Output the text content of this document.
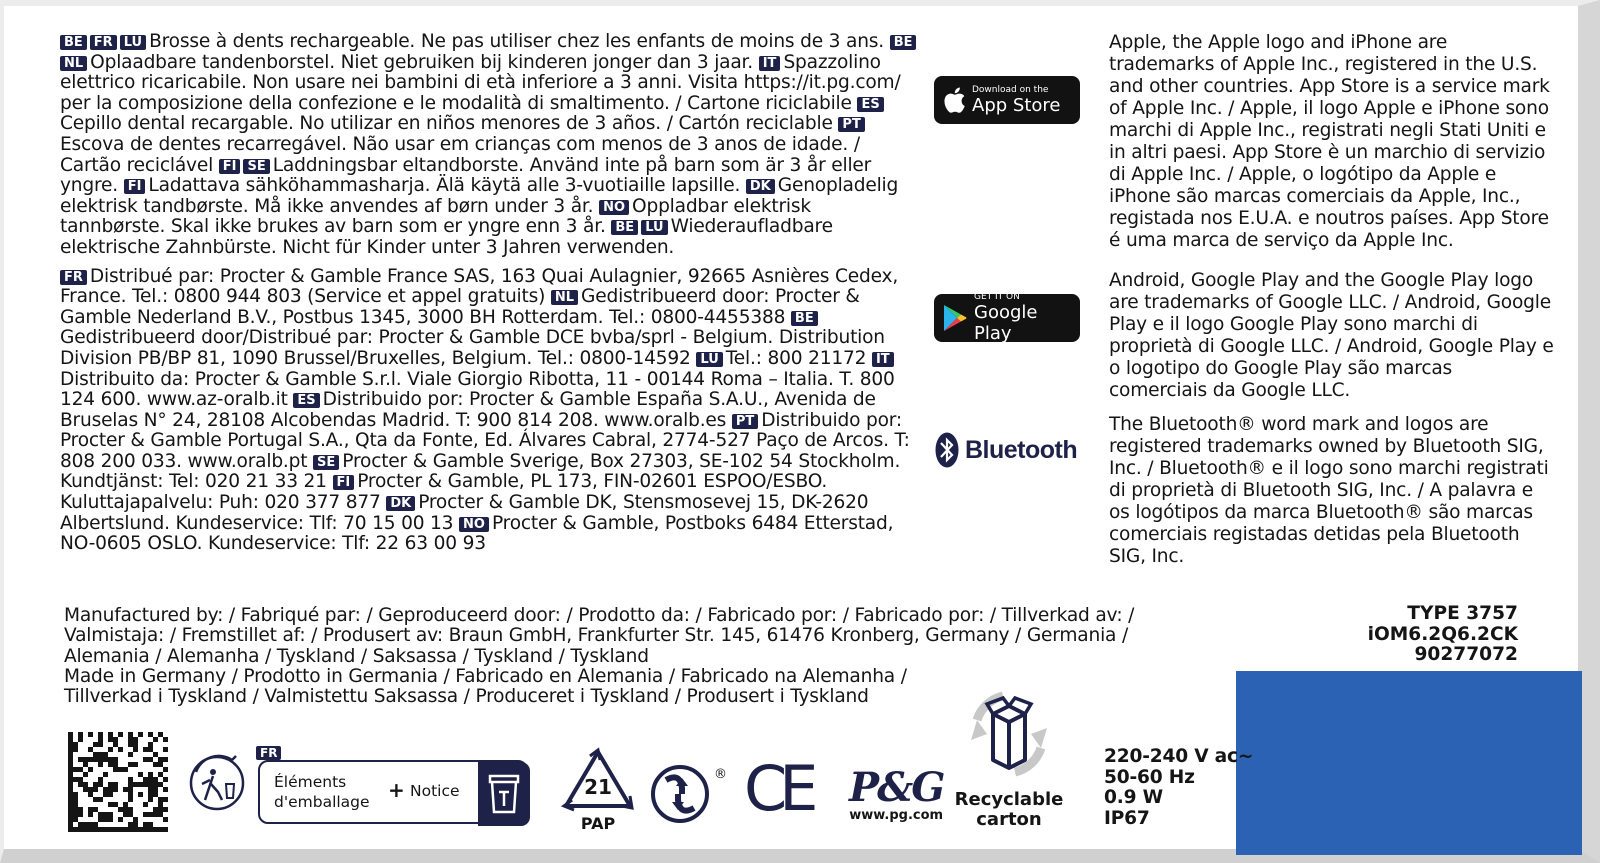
BE FR LU Brosse à dents rechargeable. Ne pas utiliser chez les enfants de moins de 3 ans. BENL Oplaadbare tandenborstel. Niet gebruiken bij kinderen jonger dan 3 jaar. IT Spazzolino elettrico ricaricabile. Non usare nei bambini di età inferiore a 3 anni. Visita https://it.pg.com/ per la composizione della confezione e le modalità di smaltimento. / Cartone riciclabile ESCepillo dental recargable. No utilizar en niños menores de 3 años. / Cartón reciclable PTEscova de dentes recarregável. Não usar em crianças com menos de 3 anos de idade. / Cartão reciclável FI SE Laddningsbar eltandborste. Använd inte på barn som är 3 år eller yngre. FI Ladattava sähköhammasharja. Älä käytä alle 3-vuotiaille lapsille. DK Genopladelig elektrisk tandbørste. Må ikke anvendes af børn under 3 år. NO Oppladbar elektrisk tannbørste. Skal ikke brukes av barn som er yngre enn 3 år. BE LU Wiederaufladbare elektrische Zahnbürste. Nicht für Kinder unter 3 Jahren verwenden.

FR Distribué par: Procter & Gamble France SAS, 163 Quai Aulagnier, 92665 Asnières Cedex, France. Tel.: 0800 944 803 (Service et appel gratuits) NL Gedistribueerd door: Procter & Gamble Nederland B.V., Postbus 1345, 3000 BH Rotterdam. Tel.: 0800-4455388 BEGedistribueerd door/Distribué par: Procter & Gamble DCE bvba/sprl - Belgium. Distribution Division PB/BP 81, 1090 Brussel/Bruxelles, Belgium. Tel.: 0800-14592 LU Tel.: 800 21172 ITDistribuito da: Procter & Gamble S.r.l. Viale Giorgio Ribotta, 11 - 00144 Roma – Italia. T. 800 124 600. www.az-oralb.it ES Distribuido por: Procter & Gamble España S.A.U., Avenida de Bruselas N° 24, 28108 Alcobendas Madrid. T: 900 814 208. www.oralb.es PT Distribuido por: Procter & Gamble Portugal S.A., Qta da Fonte, Ed. Álvares Cabral, 2774-527 Paço de Arcos. T: 808 200 033. www.oralb.pt SE Procter & Gamble Sverige, Box 27303, SE-102 54 Stockholm. Kundtjänst: Tel: 020 21 33 21 FI Procter & Gamble, PL 173, FIN-02601 ESPOO/ESBO. Kuluttajapalvelu: Puh: 020 377 877 DK Procter & Gamble DK, Stensmosevej 15, DK-2620 Albertslund. Kundeservice: Tlf: 70 15 00 13 NO Procter & Gamble, Postboks 6484 Etterstad, NO-0605 OSLO. Kundeservice: Tlf: 22 63 00 93

Download on the
App Store
GET IT ON
Google Play
Bluetooth

Apple, the Apple logo and iPhone are trademarks of Apple Inc., registered in the U.S. and other countries. App Store is a service mark of Apple Inc. / Apple, il logo Apple e iPhone sono marchi di Apple Inc., registrati negli Stati Uniti e in altri paesi. App Store è un marchio di servizio di Apple Inc. / Apple, o logótipo da Apple e iPhone são marcas comerciais da Apple, Inc., registada nos E.U.A. e noutros países. App Store é uma marca de serviço da Apple Inc.

Android, Google Play and the Google Play logo are trademarks of Google LLC. / Android, Google Play e il logo Google Play sono marchi di proprietà di Google LLC. / Android, Google Play e o logotipo do Google Play são marcas comerciais da Google LLC.

The Bluetooth® word mark and logos are registered trademarks owned by Bluetooth SIG, Inc. / Bluetooth® e il logo sono marchi registrati di proprietà di Bluetooth SIG, Inc. / A palavra e os logótipos da marca Bluetooth® são marcas comerciais registadas detidas pela Bluetooth SIG, Inc.

Manufactured by: / Fabriqué par: / Geproduceerd door: / Prodotto da: / Fabricado por: / Fabricado por: / Tillverkad av: /

Valmistaja: / Fremstillet af: / Produsert av: Braun GmbH, Frankfurter Str. 145, 61476 Kronberg, Germany / Germania /

Alemania / Alemanha / Tyskland / Saksassa / Tyskland / Tyskland

Made in Germany / Prodotto in Germania / Fabricado en Alemania / Fabricado na Alemanha /

Tillverkad i Tyskland / Valmistettu Saksassa / Produceret i Tyskland / Produsert i Tyskland

TYPE 3757
iOM6.2Q6.2CK
90277072
FR
Éléments
d'emballage + Notice	21
PAP
® CE P&G
www.pg.com
Recyclable
carton
220-240 V ac~
50-60 Hz
0.9 W
IP67
